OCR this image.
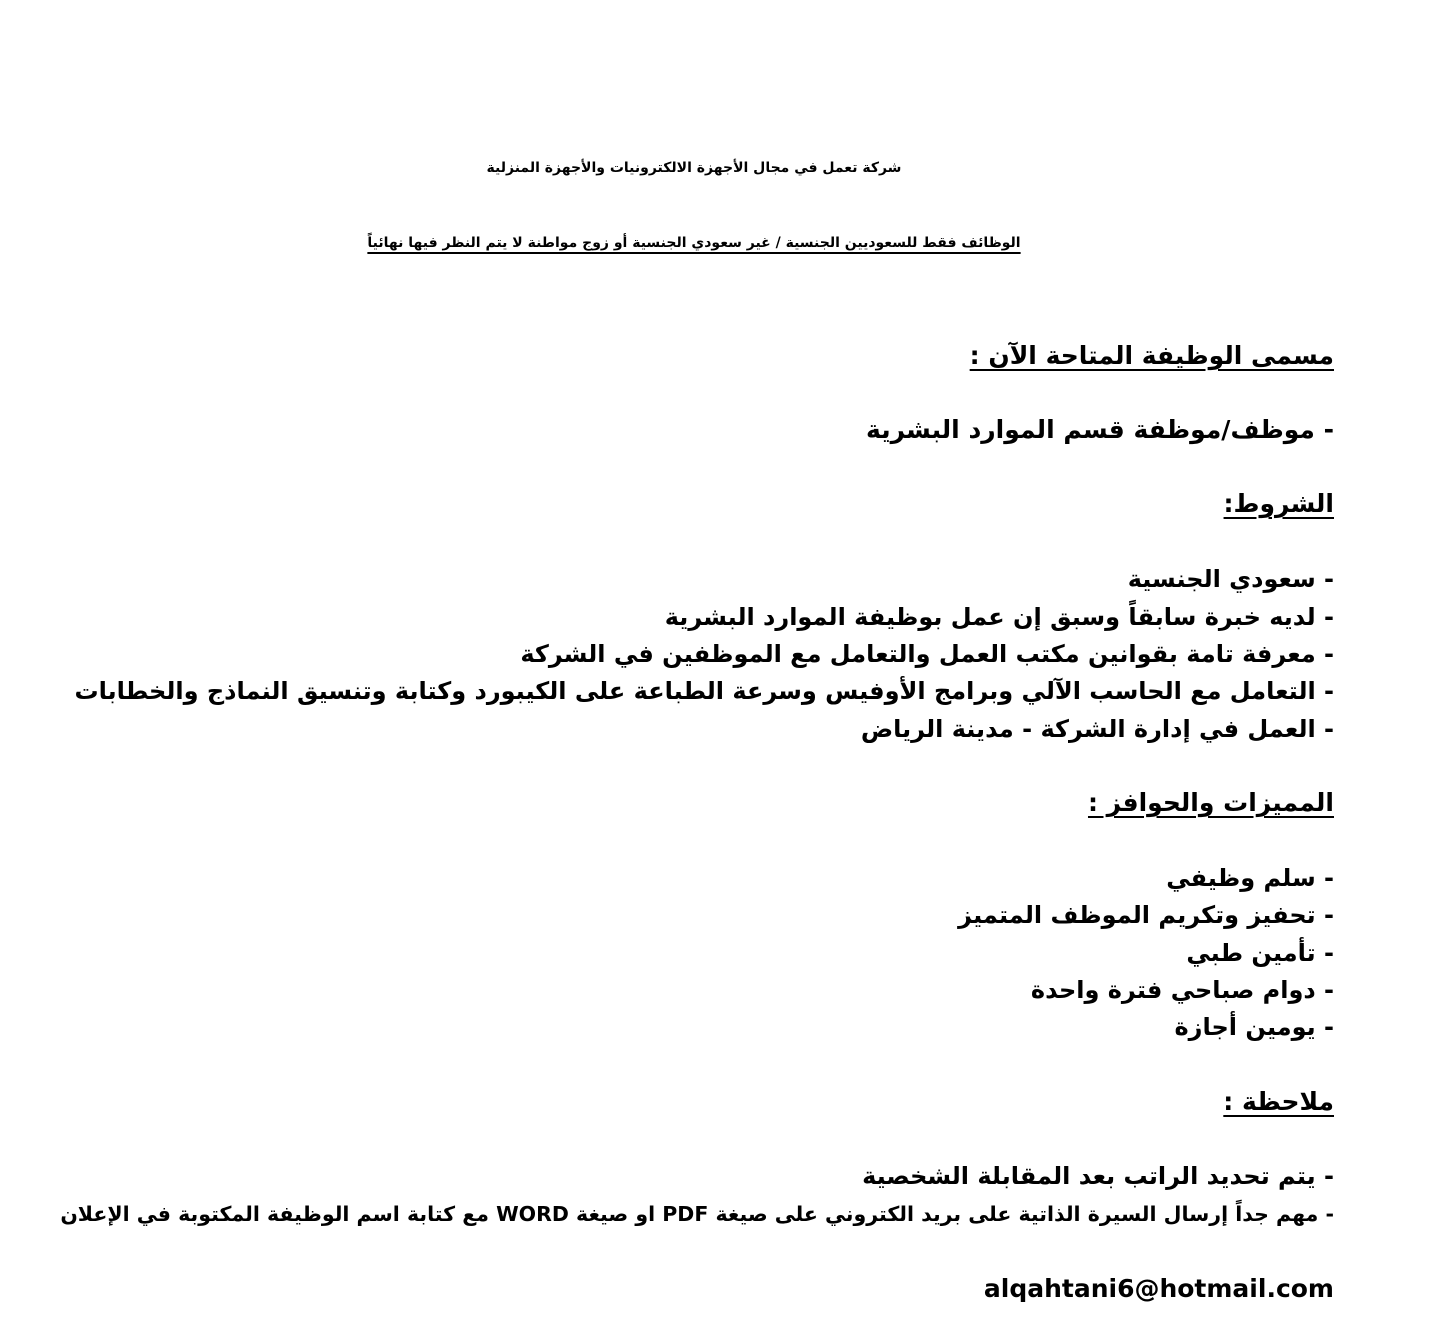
شركة تعمل في مجال الأجهزة الالكترونيات والأجهزة المنزلية
الوظائف فقط للسعوديين الجنسية / غير سعودي الجنسية أو زوج مواطنة لا يتم النظر فيها نهائياً
مسمى الوظيفة المتاحة الآن :
- موظف/موظفة قسم الموارد البشرية
الشروط:
- سعودي الجنسية
- لديه خبرة سابقاً وسبق إن عمل بوظيفة الموارد البشرية
- معرفة تامة بقوانين مكتب العمل والتعامل مع الموظفين في الشركة
- التعامل مع الحاسب الآلي وبرامج الأوفيس وسرعة الطباعة على الكيبورد وكتابة وتنسيق النماذج والخطابات
- العمل في إدارة الشركة - مدينة الرياض
المميزات والحوافز :
- سلم وظيفي
- تحفيز وتكريم الموظف المتميز
- تأمين طبي
- دوام صباحي فترة واحدة
- يومين أجازة
ملاحظة :
- يتم تحديد الراتب بعد المقابلة الشخصية
- مهم جداً إرسال السيرة الذاتية على بريد الكتروني على صيغة PDF او صيغة WORD مع كتابة اسم الوظيفة المكتوبة في الإعلان
alqahtani6@hotmail.com
